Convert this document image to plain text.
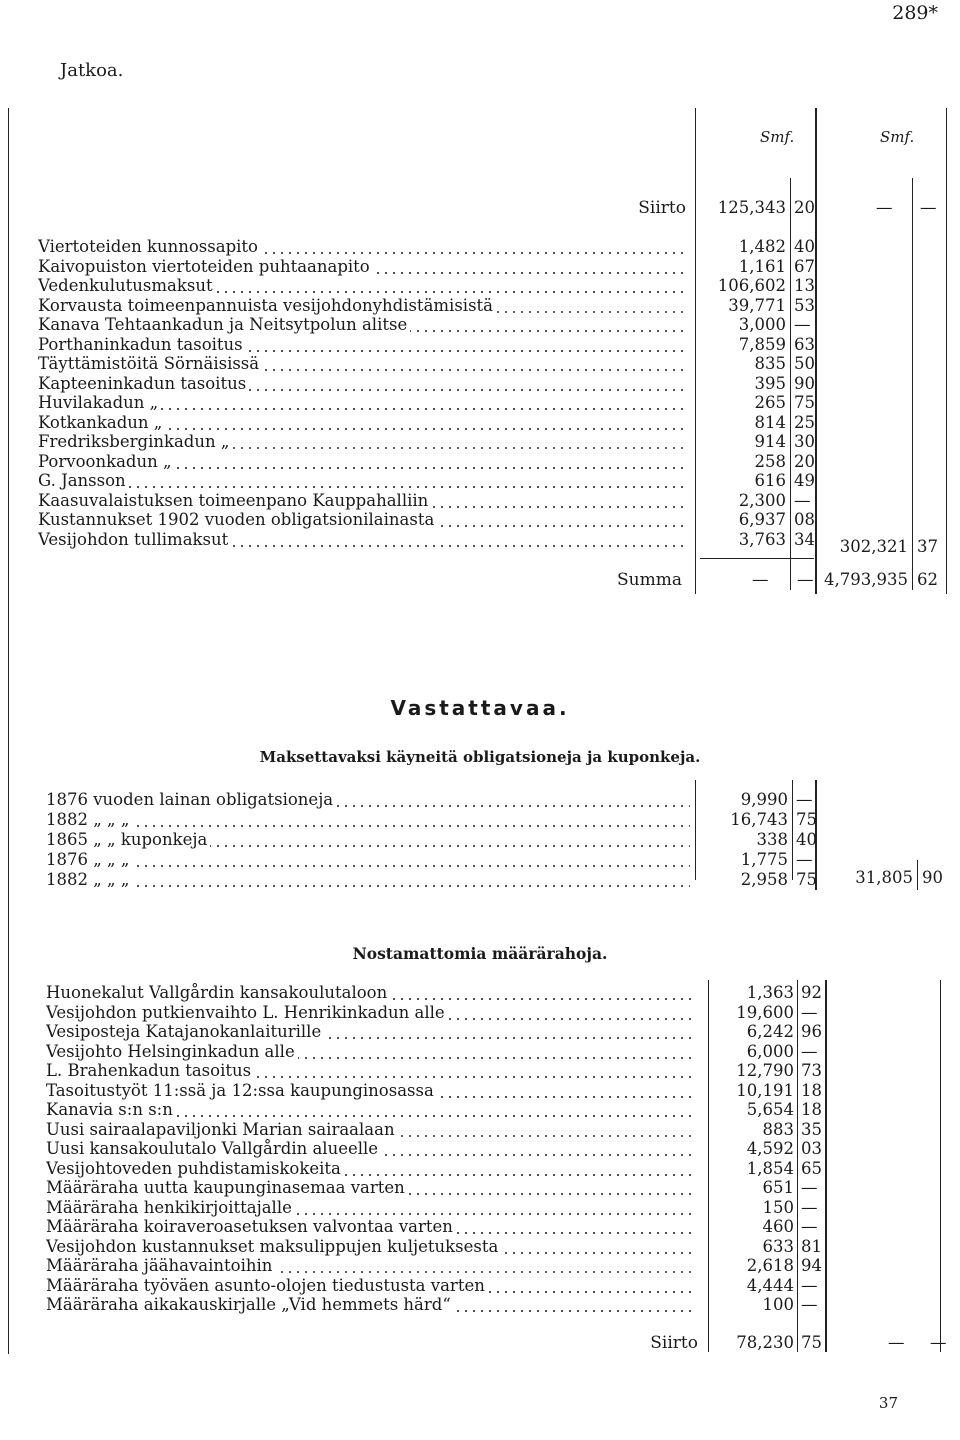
289*
Jatkoa.
Smf.	Smf.
Siirto	125,343 20	— —
Viertoteiden kunnossapito	1,482 40
Kaivopuiston viertoteiden puhtaanapito	1,161 67
Vedenkulutusmaksut	106,602 13
Korvausta toimeenpannuista vesijohdonyhdistämisistä	39,771 53
Kanava Tehtaankadun ja Neitsytpolun alitse	3,000 —
Porthaninkadun tasoitus	7,859 63
Täyttämistöitä Sörnäisissä	835 50
Kapteeninkadun tasoitus	395 90
Huvilakadun „	265 75
Kotkankadun „	814 25
Fredriksberginkadun „	914 30
Porvoonkadun „	258 20
G. Jansson	616 49
Kaasuvalaistuksen toimeenpano Kauppahalliin	2,300 —
Kustannukset 1902 vuoden obligatsionilainasta	6,937 08
Vesijohdon tullimaksut	3,763 34	302,321 37
Summa	— — 4,793,935 62
Vastattavaa.
Maksettavaksi käyneitä obligatsioneja ja kuponkeja.
1876 vuoden lainan obligatsioneja	9,990 —
1882 „ „ „	16,743 75
1865 „ „ kuponkeja	338 40
1876 „ „ „	1,775 —
1882 „ „ „	2,958 75	31,805 90
Nostamattomia määrärahoja.
Huonekalut Vallgårdin kansakoulutaloon	1,363 92
Vesijohdon putkienvaihto L. Henrikinkadun alle	19,600 —
Vesiposteja Katajanokanlaiturille	6,242 96
Vesijohto Helsinginkadun alle	6,000 —
L. Brahenkadun tasoitus	12,790 73
Tasoitustyöt 11:ssä ja 12:ssa kaupunginosassa	10,191 18
Kanavia s:n s:n	5,654 18
Uusi sairaalapaviljonki Marian sairaalaan	883 35
Uusi kansakoulutalo Vallgårdin alueelle	4,592 03
Vesijohtoveden puhdistamiskokeita	1,854 65
Määräraha uutta kaupunginasemaa varten	651 —
Määräraha henkikirjoittajalle	150 —
Määräraha koiraveroasetuksen valvontaa varten	460 —
Vesijohdon kustannukset maksulippujen kuljetuksesta	633 81
Määräraha jäähavaintoihin	2,618 94
Määräraha työväen asunto-olojen tiedustusta varten	4,444 —
Määräraha aikakauskirjalle „Vid hemmets härd“	100 —
Siirto	78,230 75	— —
37
